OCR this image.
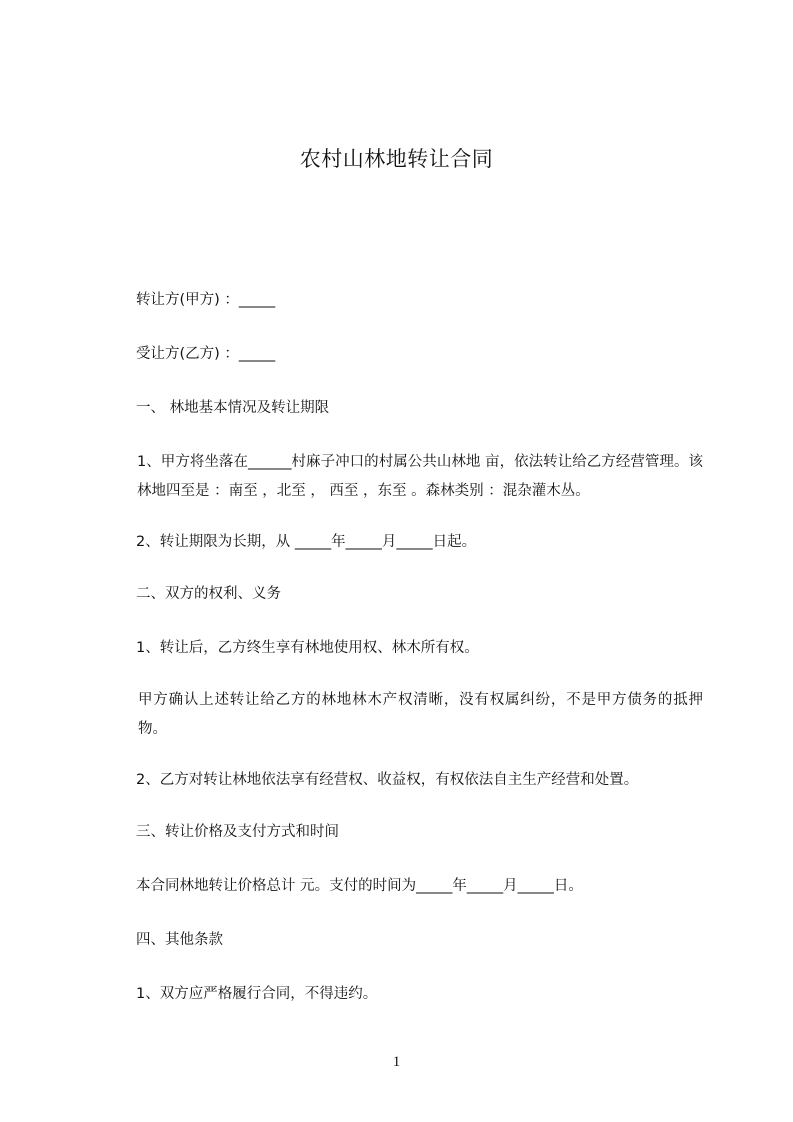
农村山林地转让合同
转让方(甲方) ：_____
受让方(乙方) ：_____
一、 林地基本情况及转让期限
1、甲方将坐落在______村麻子冲口的村属公共山林地 亩，依法转让给乙方经营管理。该林地四至是 ：南至 ，北至 ， 西至 ，东至 。森林类别 ：混杂灌木丛。
2、转让期限为长期，从 _____年_____月_____日起。
二、双方的权利、义务
1、转让后，乙方终生享有林地使用权、林木所有权。
甲方确认上述转让给乙方的林地林木产权清晰，没有权属纠纷，不是甲方债务的抵押物。
2、乙方对转让林地依法享有经营权、收益权，有权依法自主生产经营和处置。
三、转让价格及支付方式和时间
本合同林地转让价格总计 元。支付的时间为_____年_____月_____日。
四、其他条款
1、双方应严格履行合同，不得违约。
1
